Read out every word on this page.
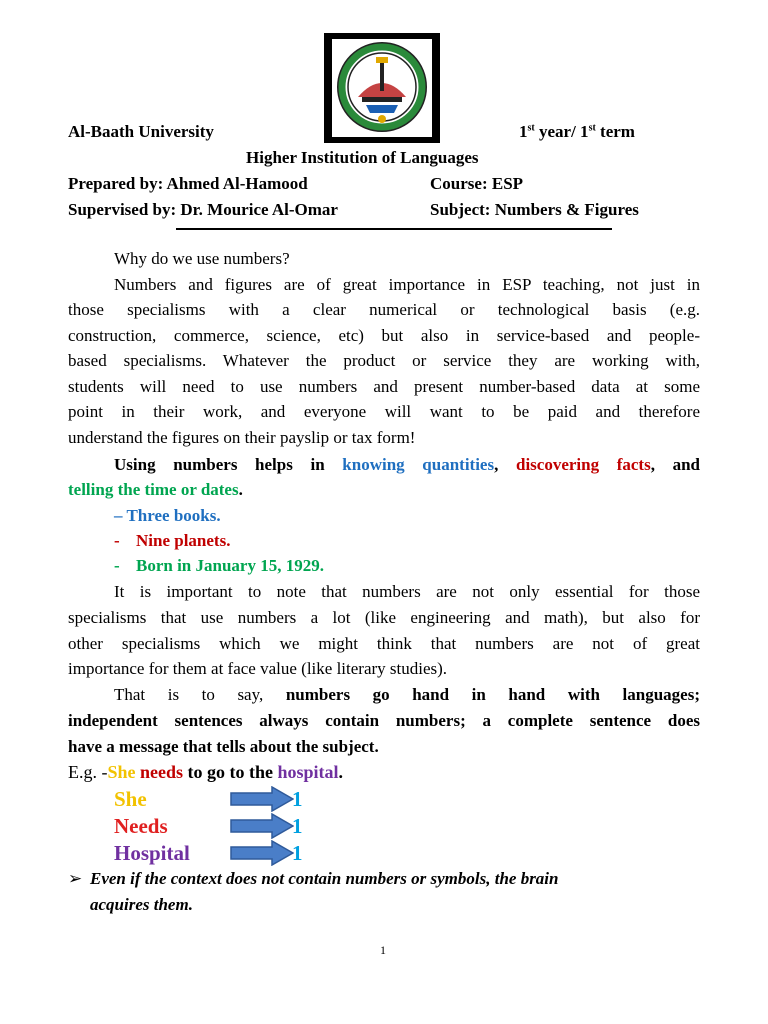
Al-Baath University	1st year/ 1st term
Higher Institution of Languages
Prepared by: Ahmed Al-Hamood	Course: ESP
Supervised by: Dr. Mourice Al-Omar	Subject: Numbers & Figures
Why do we use numbers?
Numbers and figures are of great importance in ESP teaching, not just in
those specialisms with a clear numerical or technological basis (e.g.
construction, commerce, science, etc) but also in service-based and people-
based specialisms. Whatever the product or service they are working with,
students will need to use numbers and present number-based data at some
point in their work, and everyone will want to be paid and therefore
understand the figures on their payslip or tax form!
Using numbers helps in knowing quantities, discovering facts, and
telling the time or dates.
– Three books.
- Nine planets.
- Born in January 15, 1929.
It is important to note that numbers are not only essential for those
specialisms that use numbers a lot (like engineering and math), but also for
other specialisms which we might think that numbers are not of great
importance for them at face value (like literary studies).
That is to say, numbers go hand in hand with languages;
independent sentences always contain numbers; a complete sentence does
have a message that tells about the subject.
E.g. -She needs to go to the hospital.
She	1
Needs	1
Hospital	1
➢ Even if the context does not contain numbers or symbols, the brain
acquires them.
1
